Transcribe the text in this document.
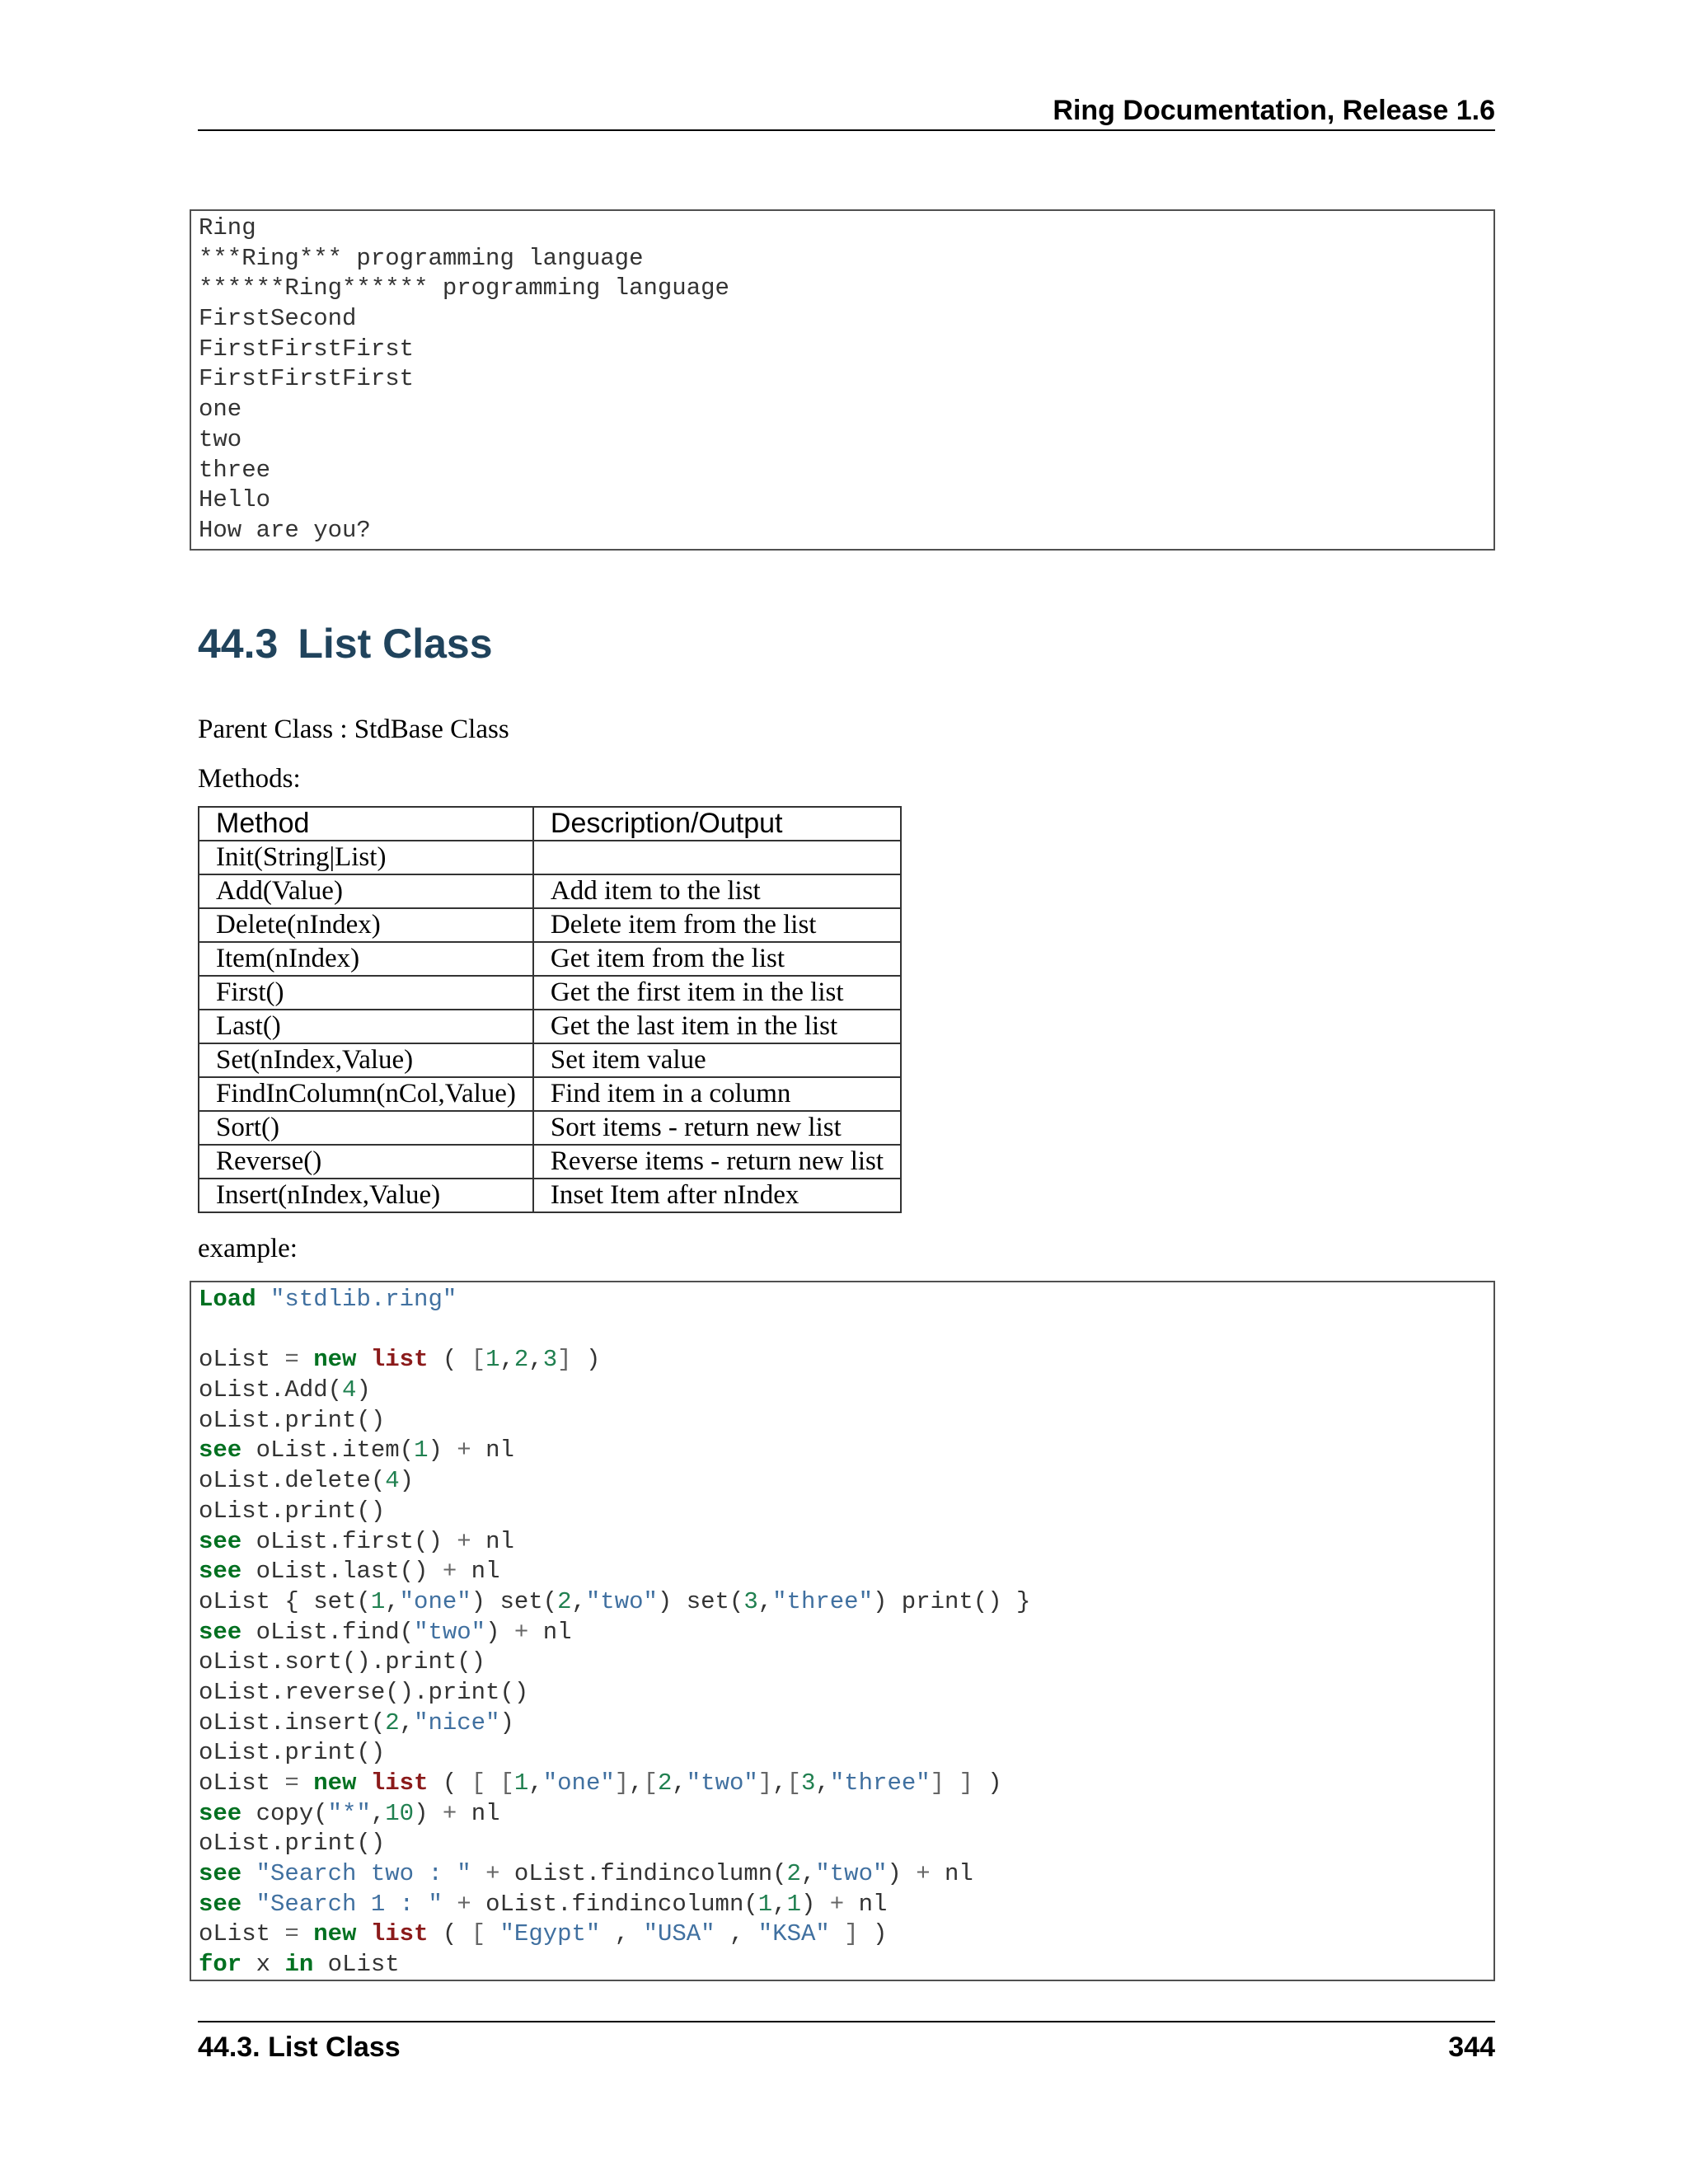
Ring Documentation, Release 1.6
Ring
***Ring*** programming language
******Ring****** programming language
FirstSecond
FirstFirstFirst
FirstFirstFirst
one
two
three
Hello
How are you?
44.3 List Class

Parent Class : StdBase Class

Methods:

Method	Description/Output
Init(String|List)	
Add(Value)	Add item to the list
Delete(nIndex)	Delete item from the list
Item(nIndex)	Get item from the list
First()	Get the first item in the list
Last()	Get the last item in the list
Set(nIndex,Value)	Set item value
FindInColumn(nCol,Value)	Find item in a column
Sort()	Sort items - return new list
Reverse()	Reverse items - return new list
Insert(nIndex,Value)	Inset Item after nIndex

example:

Load "stdlib.ring"
oList = new list ( [1,2,3] )
oList.Add(4)
oList.print()
see oList.item(1) + nl
oList.delete(4)
oList.print()
see oList.first() + nl
see oList.last() + nl
oList { set(1,"one") set(2,"two") set(3,"three") print() }
see oList.find("two") + nl
oList.sort().print()
oList.reverse().print()
oList.insert(2,"nice")
oList.print()
oList = new list ( [ [1,"one"],[2,"two"],[3,"three"] ] )
see copy("*",10) + nl
oList.print()
see "Search two : " + oList.findincolumn(2,"two") + nl
see "Search 1 : " + oList.findincolumn(1,1) + nl
oList = new list ( [ "Egypt" , "USA" , "KSA" ] )
for x in oList
44.3. List Class	344
